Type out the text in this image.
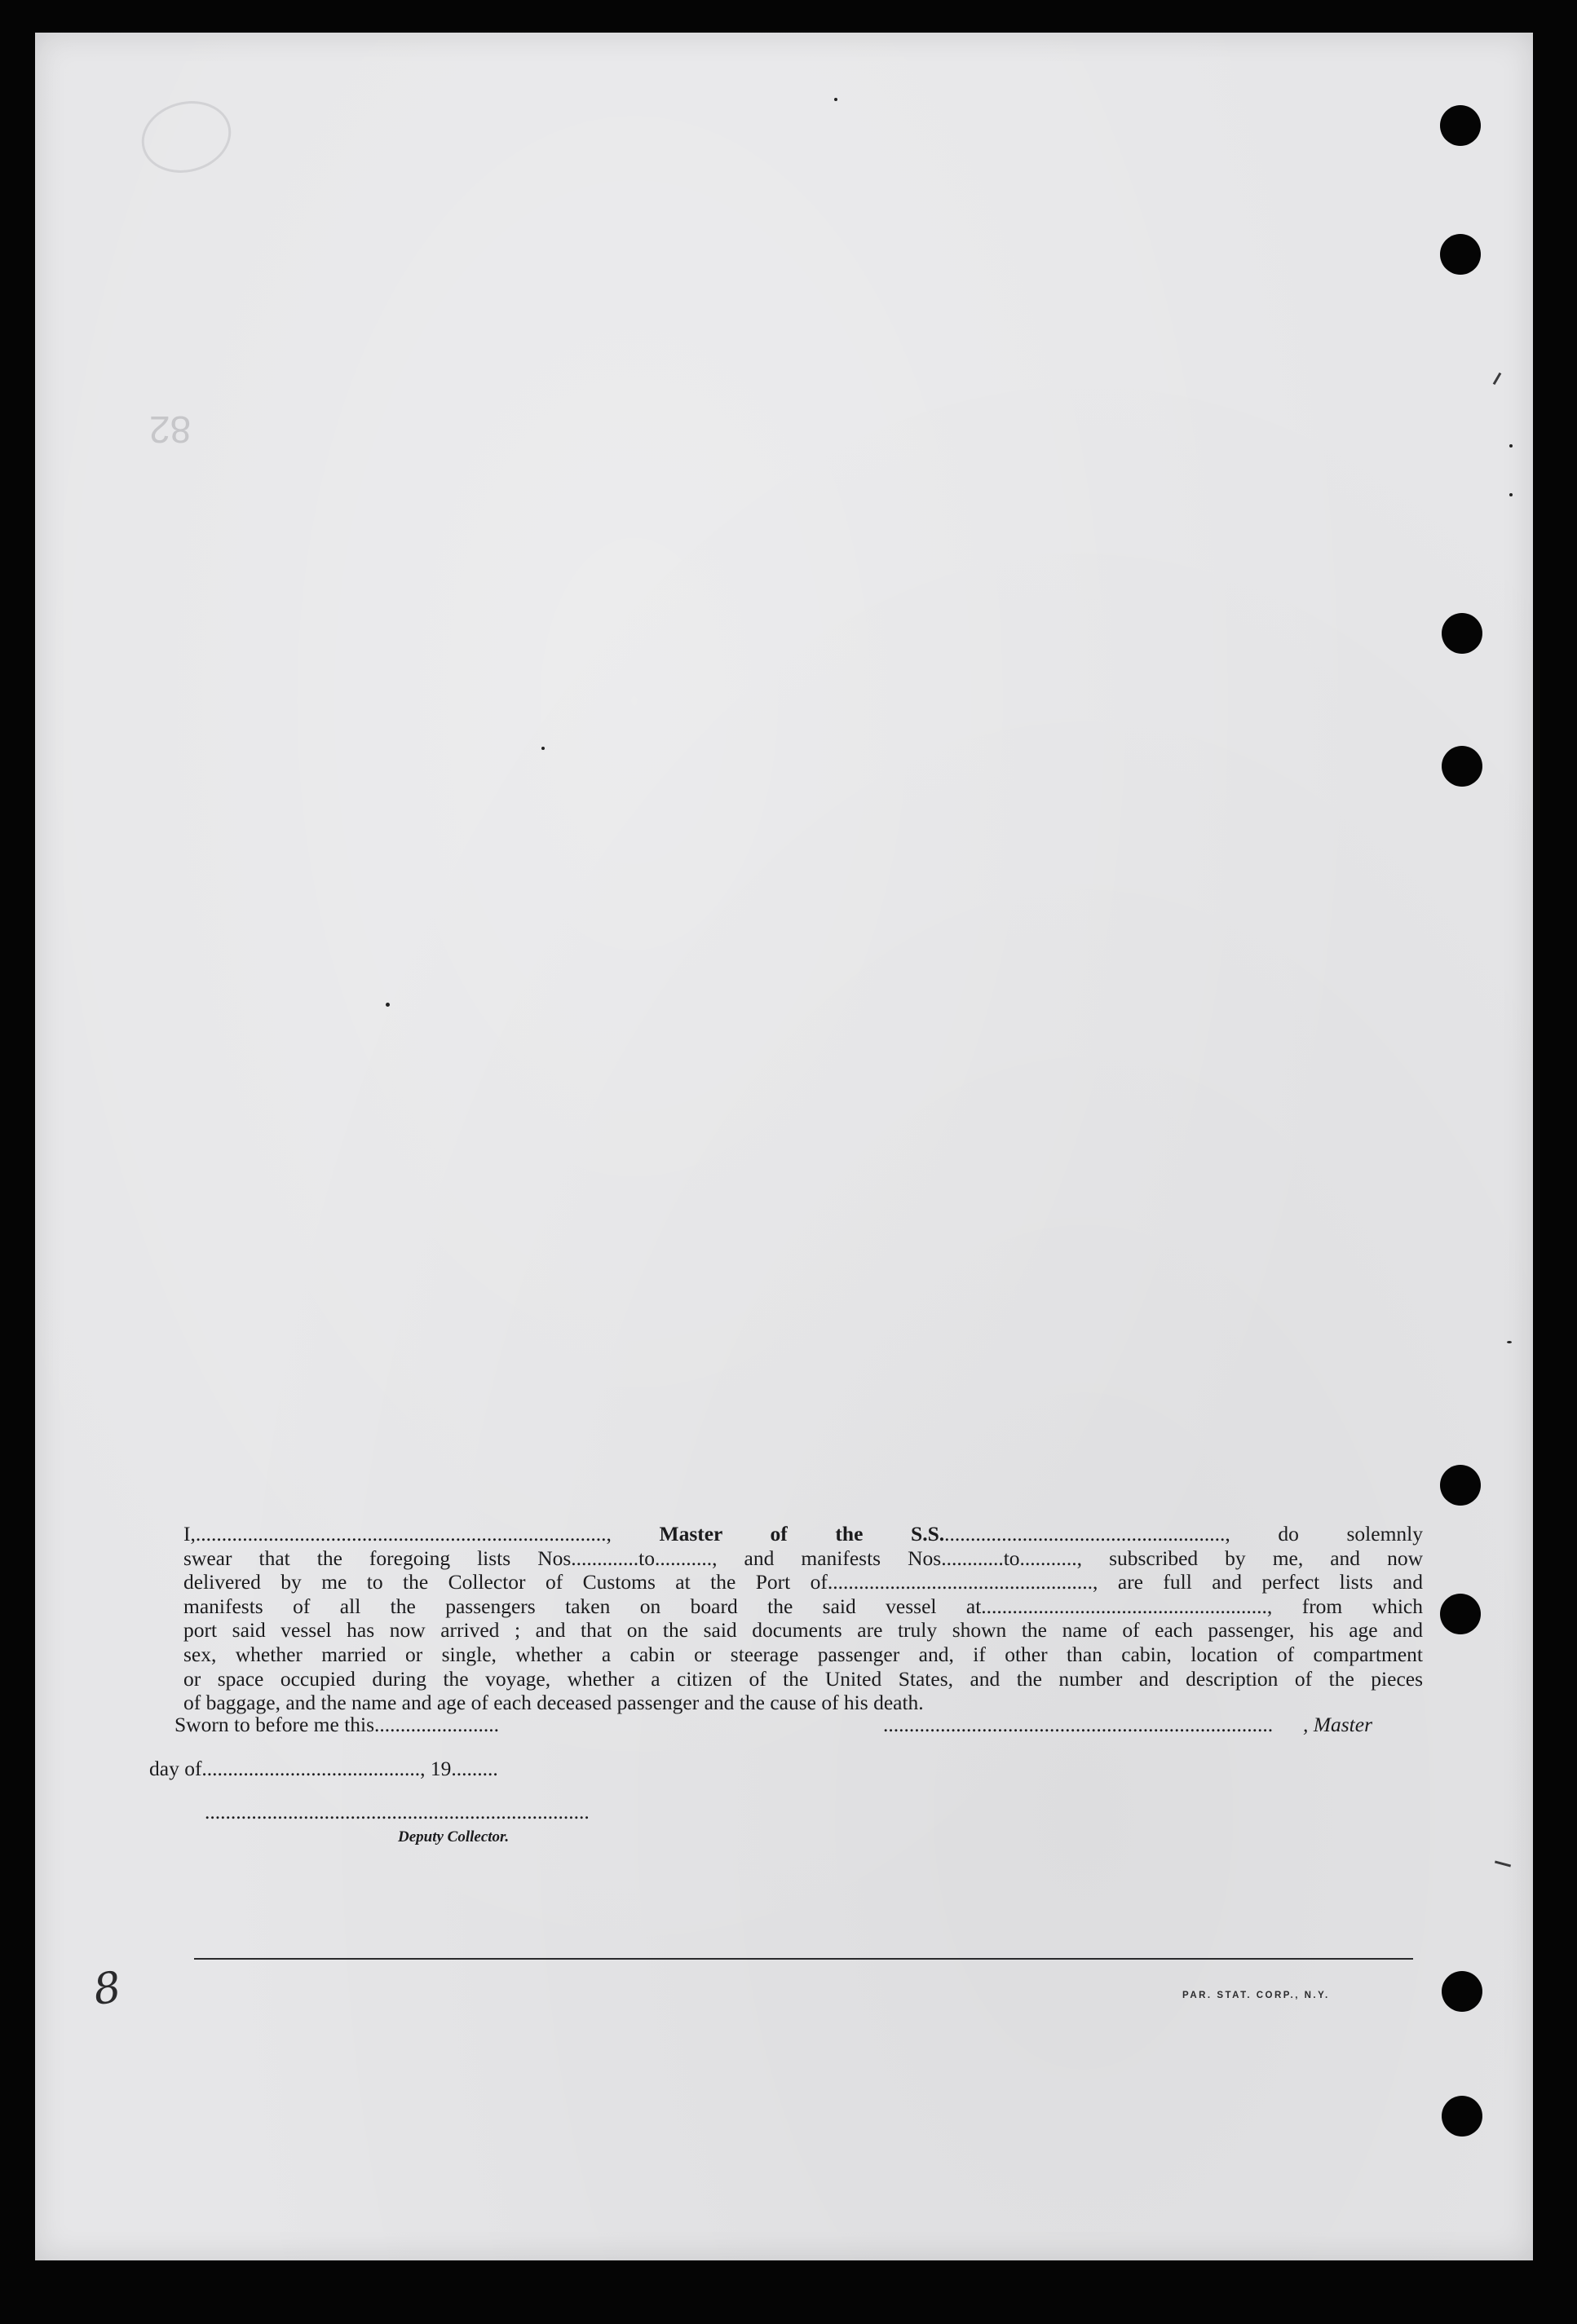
82

I,..............................................................................., Master of the S.S......................................................., do solemnly

swear that the foregoing lists Nos.............to..........., and manifests Nos............to..........., subscribed by me, and now

delivered by me to the Collector of Customs at the Port of..................................................., are full and perfect lists and

manifests of all the passengers taken on board the said vessel at......................................................., from which

port said vessel has now arrived ; and that on the said documents are truly shown the name of each passenger, his age and

sex, whether married or single, whether a cabin or steerage passenger and, if other than cabin, location of compartment

or space occupied during the voyage, whether a citizen of the United States, and the number and description of the pieces

of baggage, and the name and age of each deceased passenger and the cause of his death.

Sworn to before me this........................	........................................................................... , Master
day of.........................................., 19.........
..........................................................................
Deputy Collector.
PAR. STAT. CORP., N.Y.
8
